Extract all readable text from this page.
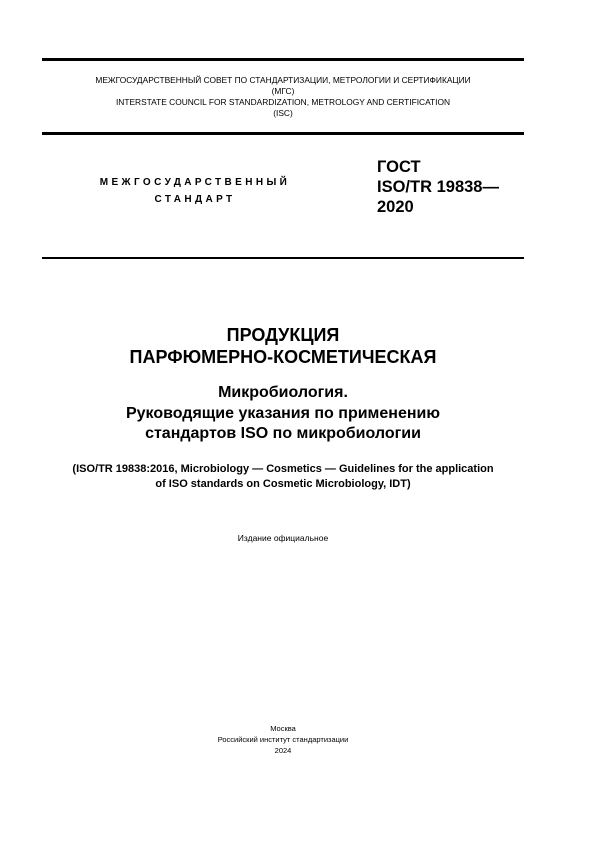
МЕЖГОСУДАРСТВЕННЫЙ СОВЕТ ПО СТАНДАРТИЗАЦИИ, МЕТРОЛОГИИ И СЕРТИФИКАЦИИ
(МГС)
INTERSTATE COUNCIL FOR STANDARDIZATION, METROLOGY AND CERTIFICATION
(ISC)
МЕЖГОСУДАРСТВЕННЫЙ
СТАНДАРТ
ГОСТ
ISO/TR 19838—
2020
ПРОДУКЦИЯ
ПАРФЮМЕРНО-КОСМЕТИЧЕСКАЯ
Микробиология.
Руководящие указания по применению
стандартов ISO по микробиологии
(ISO/TR 19838:2016, Microbiology — Cosmetics — Guidelines for the application
of ISO standards on Cosmetic Microbiology, IDT)
Издание официальное
Москва
Российский институт стандартизации
2024
